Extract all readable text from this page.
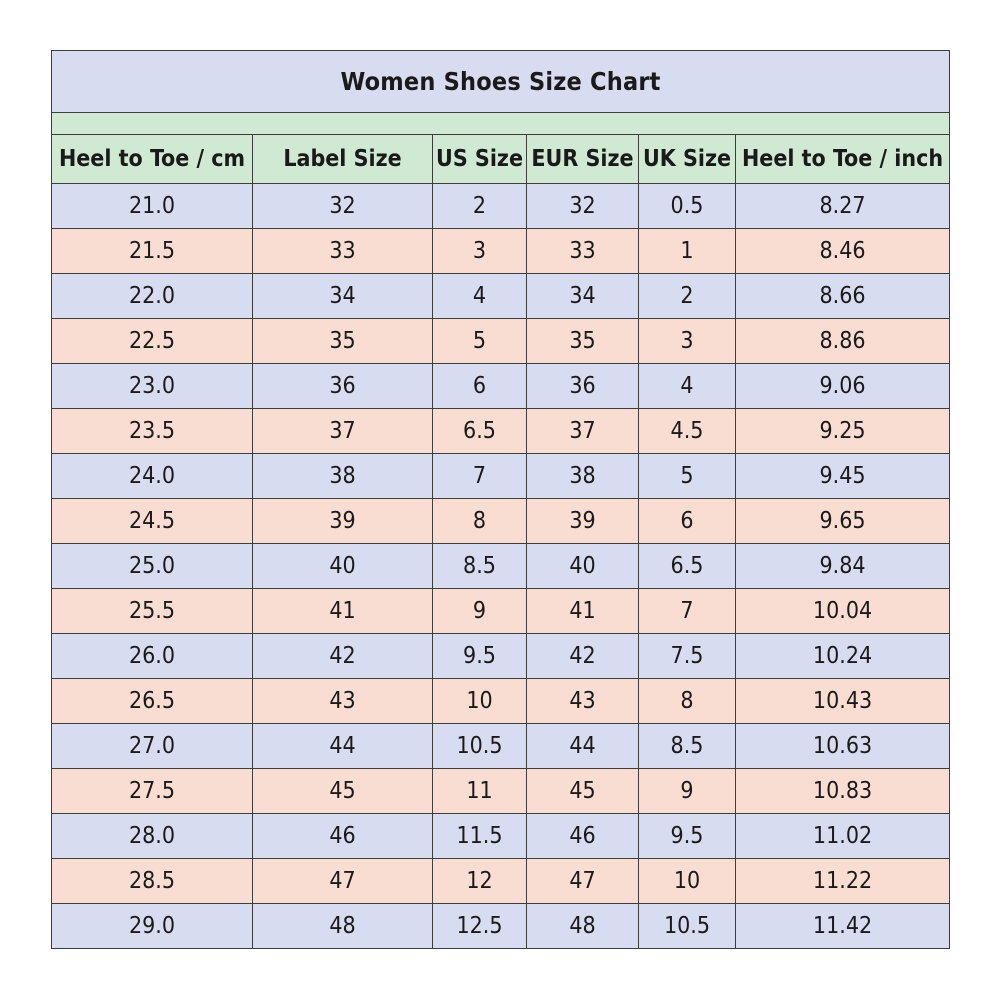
Women Shoes Size Chart					

Heel to Toe / cm	Label Size	US Size	EUR Size	UK Size	Heel to Toe / inch
21.0	32	2	32	0.5	8.27
21.5	33	3	33	1	8.46
22.0	34	4	34	2	8.66
22.5	35	5	35	3	8.86
23.0	36	6	36	4	9.06
23.5	37	6.5	37	4.5	9.25
24.0	38	7	38	5	9.45
24.5	39	8	39	6	9.65
25.0	40	8.5	40	6.5	9.84
25.5	41	9	41	7	10.04
26.0	42	9.5	42	7.5	10.24
26.5	43	10	43	8	10.43
27.0	44	10.5	44	8.5	10.63
27.5	45	11	45	9	10.83
28.0	46	11.5	46	9.5	11.02
28.5	47	12	47	10	11.22
29.0	48	12.5	48	10.5	11.42
